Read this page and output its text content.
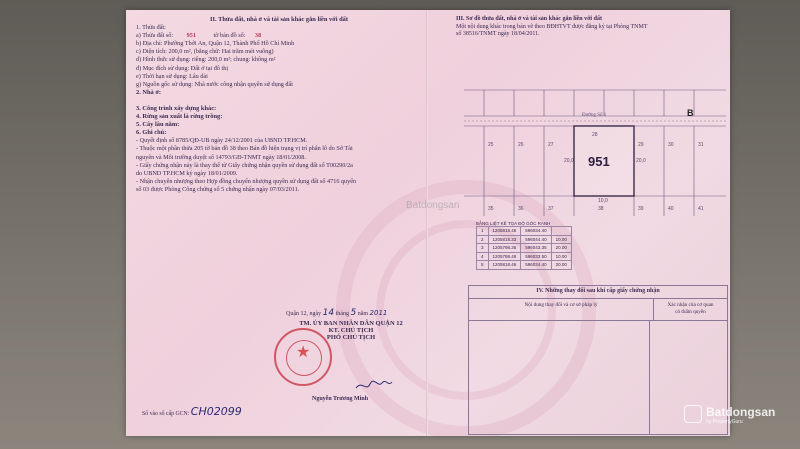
II. Thửa đất, nhà ở và tài sản khác gắn liền với đất
1. Thửa đất:
a) Thửa đất số: 951	tờ bản đồ số: 38
b) Địa chỉ: Phường Thới An, Quận 12, Thành Phố Hồ Chí Minh
c) Diện tích: 200,0 m², (bằng chữ: Hai trăm mét vuông)
d) Hình thức sử dụng: riêng: 200,0 m²; chung: không m²
đ) Mục đích sử dụng: Đất ở tại đô thị
e) Thời hạn sử dụng: Lâu dài
g) Nguồn gốc sử dụng: Nhà nước công nhận quyền sử dụng đất
2. Nhà ở:
3. Công trình xây dựng khác:
4. Rừng sản xuất là rừng trồng:
5. Cây lâu năm:
6. Ghi chú:
- Quyết định số 8785/QĐ-UB ngày 24/12/2001 của UBND TP.HCM.
- Thuộc một phần thửa 205 tờ bản đồ 38 theo Bản đồ hiện trạng vị trí phân lô do Sở Tài
nguyên và Môi trường duyệt số 14793/GĐ-TNMT ngày 18/01/2008.
- Giấy chứng nhận này là thay thế từ Giấy chứng nhận quyền sử dụng đất số T00290/2a
do UBND TP.HCM ký ngày 18/01/2009.
- Nhận chuyển nhượng theo Hợp đồng chuyển nhượng quyền sử dụng đất số 4716 quyển
số 03 được Phòng Công chứng số 5 chứng nhận ngày 07/03/2011.
Quận 12, ngày 14 tháng 5 năm 2011
TM. ỦY BAN NHÂN DÂN QUẬN 12
KT. CHỦ TỊCH
PHÓ CHỦ TỊCH
★
Nguyễn Trương Minh
Số vào sổ cấp GCN: CH02099
III. Sơ đồ thửa đất, nhà ở và tài sản khác gắn liền với đất
Một nội dung khác trong bản vẽ theo BĐHTVT được đăng ký tại Phòng TNMT
số 38516/TNMT ngày 18/04/2011.
Đường Số 1
951
25	26	27
28
29	30	31
35	36	37	38	39	40	41
10,0
20,0	20,0
BẢNG LIỆT KÊ TỌA ĐỘ GÓC RANH
1	1205818.46	596034.40	
2	1205818.33	596044.40	10.00
3	1205798.36	596043.35	20.00
4	1205798.49	596033.50	10.00
5	1205818.46	596034.40	20.00
IV. Những thay đổi sau khi cấp giấy chứng nhận
Nội dung thay đổi và cơ sở pháp lý	Xác nhận của cơ quan
có thẩm quyền
B
Batdongsan
Batdongsan
by PropertyGuru
